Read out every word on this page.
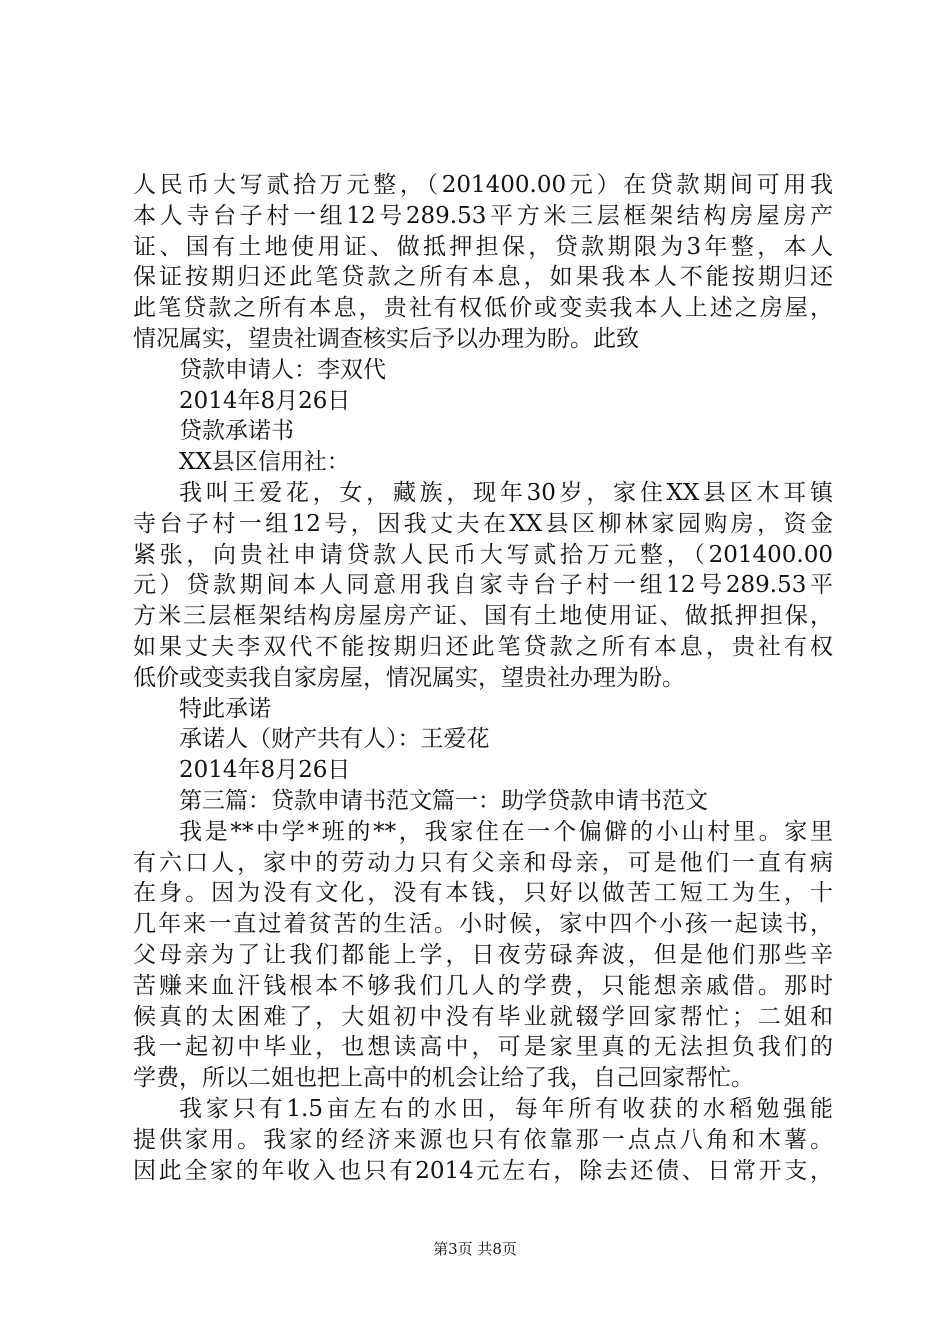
人民币大写贰拾万元整，（201400.00元）在贷款期间可用我
本人寺台子村一组12号289.53平方米三层框架结构房屋房产
证、国有土地使用证、做抵押担保，贷款期限为3年整，本人
保证按期归还此笔贷款之所有本息，如果我本人不能按期归还
此笔贷款之所有本息，贵社有权低价或变卖我本人上述之房屋，
情况属实，望贵社调查核实后予以办理为盼。此致
贷款申请人：李双代
2014年8月26日
贷款承诺书
XX县区信用社：
我叫王爱花，女，藏族，现年30岁，家住XX县区木耳镇
寺台子村一组12号，因我丈夫在XX县区柳林家园购房，资金
紧张，向贵社申请贷款人民币大写贰拾万元整，（201400.00
元）贷款期间本人同意用我自家寺台子村一组12号289.53平
方米三层框架结构房屋房产证、国有土地使用证、做抵押担保，
如果丈夫李双代不能按期归还此笔贷款之所有本息，贵社有权
低价或变卖我自家房屋，情况属实，望贵社办理为盼。
特此承诺
承诺人（财产共有人）：王爱花
2014年8月26日
第三篇：贷款申请书范文篇一：助学贷款申请书范文
我是**中学*班的**，我家住在一个偏僻的小山村里。家里
有六口人，家中的劳动力只有父亲和母亲，可是他们一直有病
在身。因为没有文化，没有本钱，只好以做苦工短工为生，十
几年来一直过着贫苦的生活。小时候，家中四个小孩一起读书，
父母亲为了让我们都能上学，日夜劳碌奔波，但是他们那些辛
苦赚来血汗钱根本不够我们几人的学费，只能想亲戚借。那时
候真的太困难了，大姐初中没有毕业就辍学回家帮忙；二姐和
我一起初中毕业，也想读高中，可是家里真的无法担负我们的
学费，所以二姐也把上高中的机会让给了我，自己回家帮忙。
我家只有1.5亩左右的水田，每年所有收获的水稻勉强能
提供家用。我家的经济来源也只有依靠那一点点八角和木薯。
因此全家的年收入也只有2014元左右，除去还债、日常开支，
第3页 共8页
